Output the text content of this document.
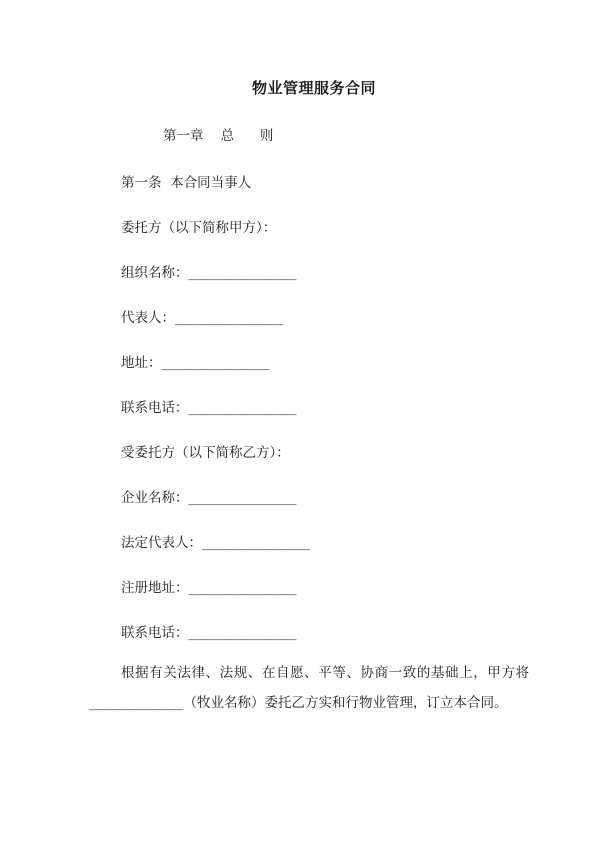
物业管理服务合同
第一章    总      则
第一条  本合同当事人
委托方（以下简称甲方）：
组织名称：________________
代表人：________________
地址：________________
联系电话：________________
受委托方（以下简称乙方）：
企业名称：________________
法定代表人：________________
注册地址：________________
联系电话：________________
根据有关法律、法规、在自愿、平等、协商一致的基础上，甲方将______________（牧业名称）委托乙方实和行物业管理，订立本合同。
